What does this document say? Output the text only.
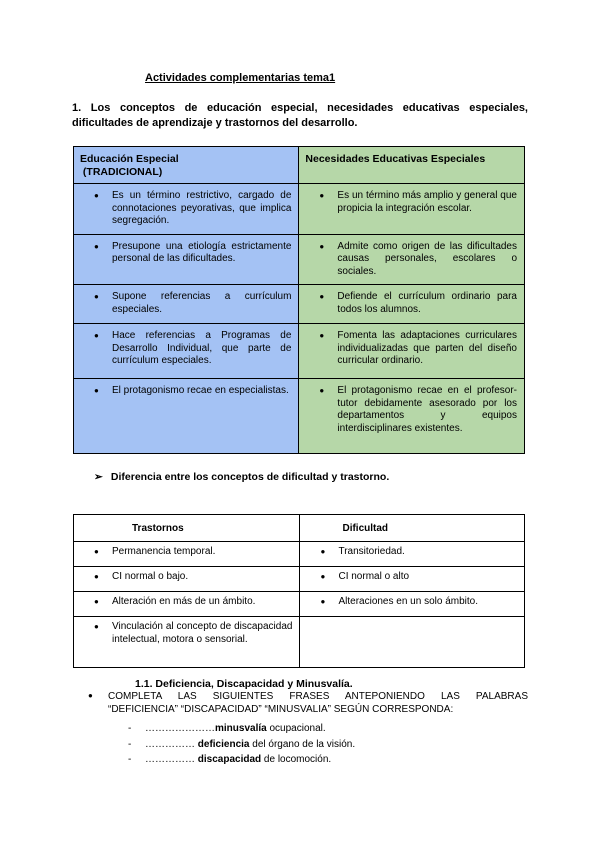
Actividades complementarias tema1
1. Los conceptos de educación especial, necesidades educativas especiales,
dificultades de aprendizaje y trastornos del desarrollo.
Educación Especial
(TRADICIONAL)	Necesidades Educativas Especiales

● Es un término restrictivo, cargado de connotaciones peyorativas, que implica segregación.	● Es un término más amplio y general que propicia la integración escolar.

● Presupone una etiología estrictamente personal de las dificultades.	● Admite como origen de las dificultades causas personales, escolares o sociales.

● Supone referencias a currículum especiales.	● Defiende el currículum ordinario para todos los alumnos.

● Hace referencias a Programas de Desarrollo Individual, que parte de currículum especiales.	● Fomenta las adaptaciones curriculares individualizadas que parten del diseño curricular ordinario.

● El protagonismo recae en especialistas.	● El protagonismo recae en el profesor-tutor debidamente asesorado por los departamentos y equipos interdisciplinares existentes.
➢ Diferencia entre los conceptos de dificultad y trastorno.
Trastornos	Dificultad

● Permanencia temporal.	● Transitoriedad.

● CI normal o bajo.	● CI normal o alto

● Alteración en más de un ámbito.	● Alteraciones en un solo ámbito.

● Vinculación al concepto de discapacidad intelectual, motora o sensorial.	

1.1. Deficiencia, Discapacidad y Minusvalía.
●	COMPLETA LAS SIGUIENTES FRASES ANTEPONIENDO LAS PALABRAS
“DEFICIENCIA” “DISCAPACIDAD” “MINUSVALIA” SEGÚN CORRESPONDA:
-	………………… minusvalía ocupacional.
-	…………… deficiencia del órgano de la visión.
-	…………… discapacidad de locomoción.
